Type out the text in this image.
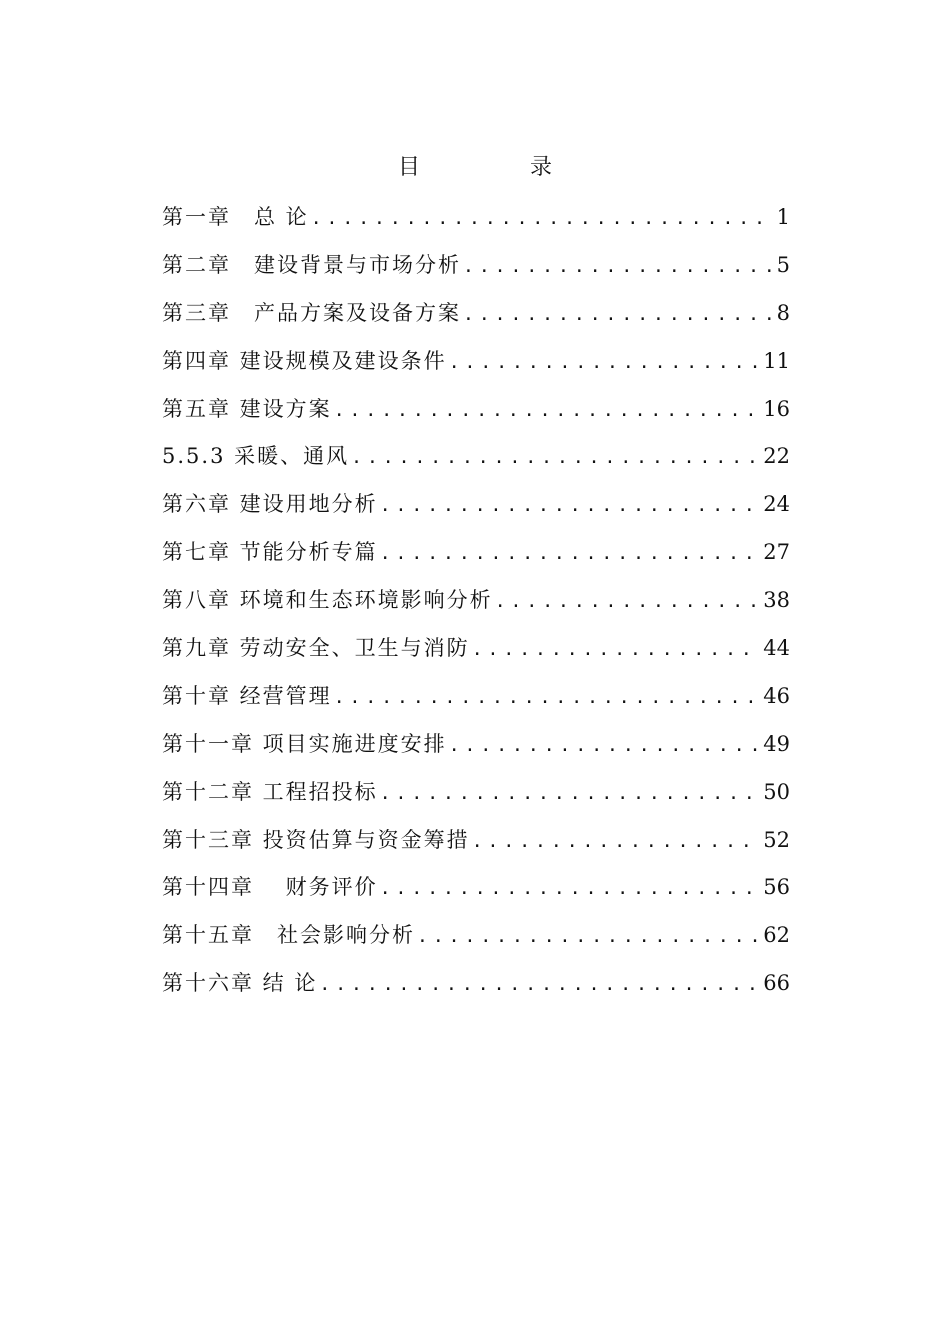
目　录
第一章　总 论 .....	1
第二章　建设背景与市场分析 .....	5
第三章　产品方案及设备方案 .....	8
第四章 建设规模及建设条件 .....	11
第五章 建设方案 .....	16
5.5.3 采暖、通风 .....	22
第六章 建设用地分析 .....	24
第七章 节能分析专篇 .....	27
第八章 环境和生态环境影响分析 .....	38
第九章 劳动安全、卫生与消防 .....	44
第十章 经营管理 .....	46
第十一章 项目实施进度安排 .....	49
第十二章 工程招投标 .....	50
第十三章 投资估算与资金筹措 .....	52
第十四章　 财务评价 .....	56
第十五章　社会影响分析 .....	62
第十六章 结 论 .....	66
